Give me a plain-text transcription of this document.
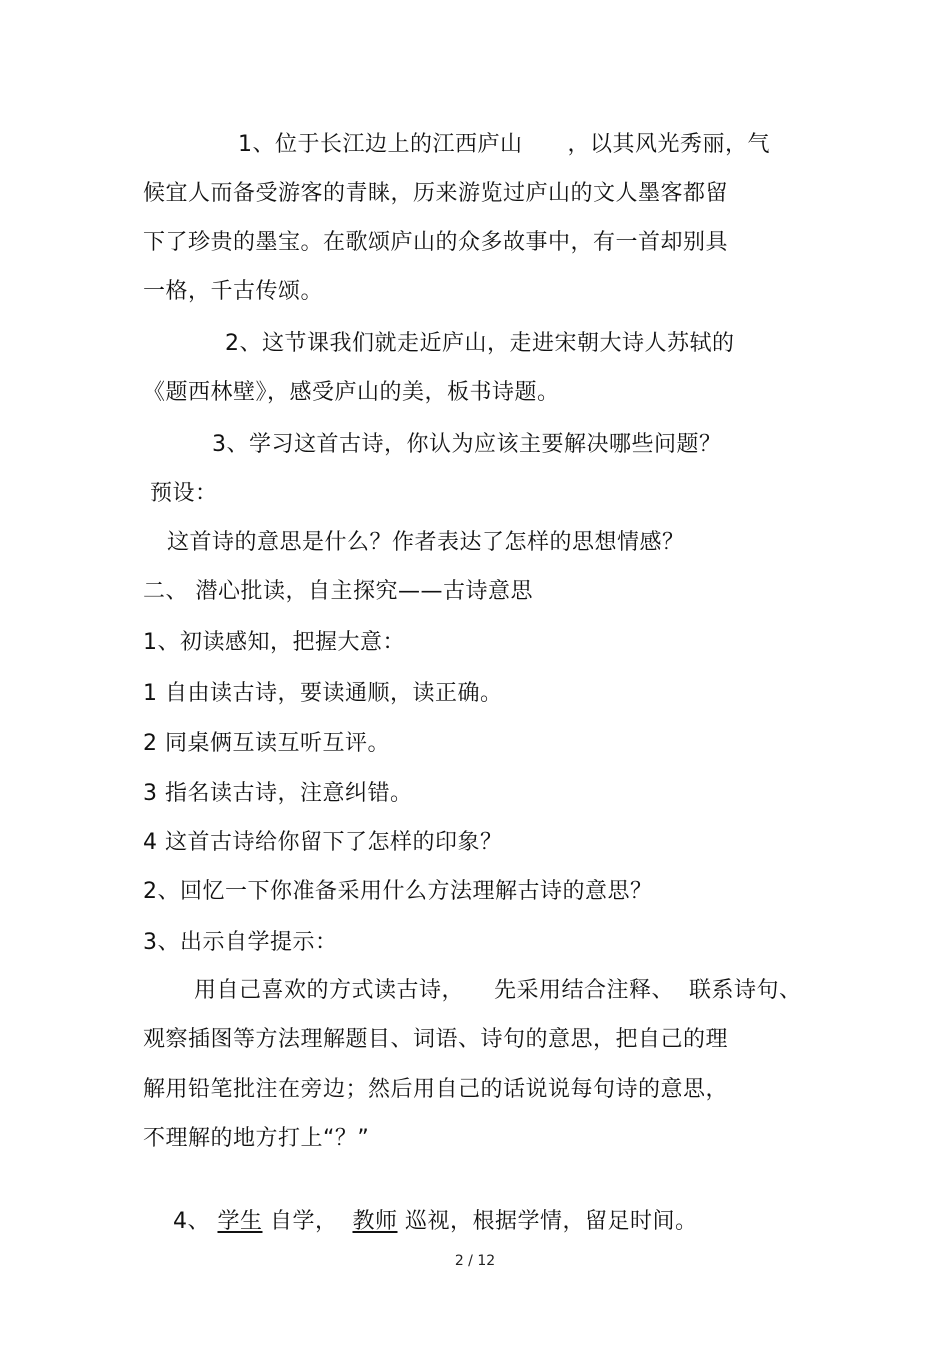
1、位于长江边上的江西庐山      ，以其风光秀丽，气
候宜人而备受游客的青睐，历来游览过庐山的文人墨客都留
下了珍贵的墨宝。在歌颂庐山的众多故事中，有一首却别具
一格，千古传颂。
2、这节课我们就走近庐山，走进宋朝大诗人苏轼的
《题西林壁》，感受庐山的美，板书诗题。
3、学习这首古诗，你认为应该主要解决哪些问题？
预设：
这首诗的意思是什么？作者表达了怎样的思想情感？
二、 潜心批读，自主探究——古诗意思
1、初读感知，把握大意：
1 自由读古诗，要读通顺，读正确。
2 同桌俩互读互听互评。
3 指名读古诗，注意纠错。
4 这首古诗给你留下了怎样的印象？
2、回忆一下你准备采用什么方法理解古诗的意思？
3、出示自学提示：
用自己喜欢的方式读古诗，    先采用结合注释、  联系诗句、
观察插图等方法理解题目、词语、诗句的意思，把自己的理
解用铅笔批注在旁边；然后用自己的话说说每句诗的意思，
不理解的地方打上“？”

4、 学生 自学，  教师 巡视，根据学情，留足时间。

2 / 12
